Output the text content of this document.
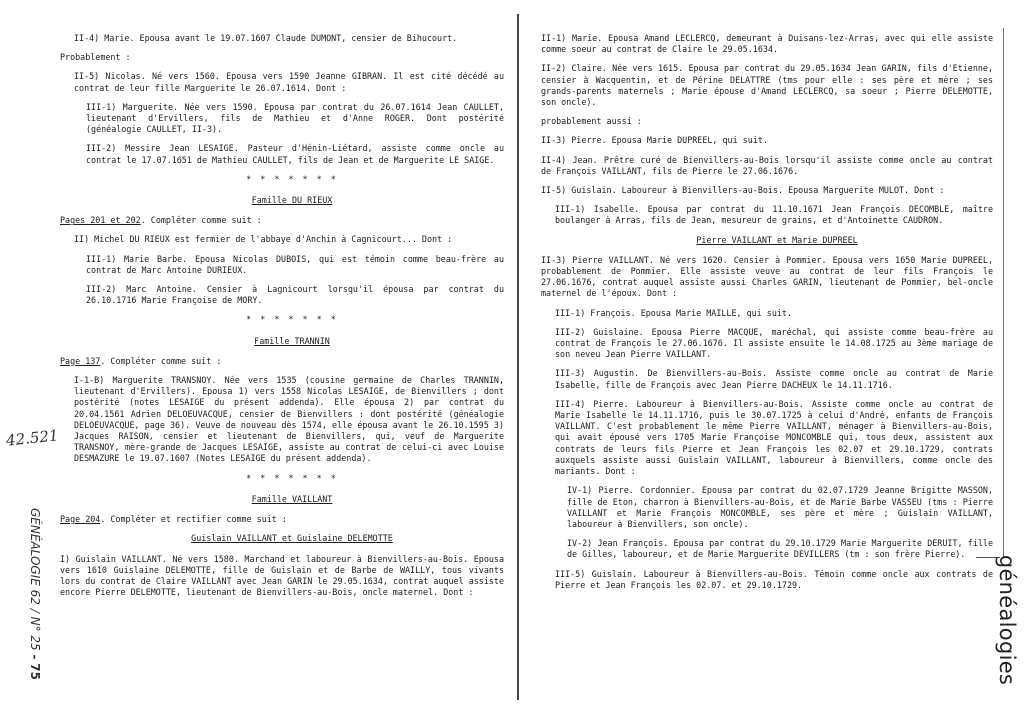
42.521
GÉNÉALOGIE 62 / N° 25 - 75
II-4) Marie. Epousa avant le 19.07.1607 Claude DUMONT, censier de Bihucourt.
Probablement :
II-5) Nicolas. Né vers 1560. Epousa vers 1590 Jeanne GIBRAN. Il est cité décédé au contrat de leur fille Marguerite le 26.07.1614. Dont :
III-1) Marguerite. Née vers 1590. Epousa par contrat du 26.07.1614 Jean CAULLET, lieutenant d'Ervillers, fils de Mathieu et d'Anne ROGER. Dont postérité (généalogie CAULLET, II-3).
III-2) Messire Jean LESAIGE. Pasteur d'Hénin-Liétard, assiste comme oncle au contrat le 17.07.1651 de Mathieu CAULLET, fils de Jean et de Marguerite LE SAIGE.
* * * * * * *
Famille DU RIEUX
Pages 201 et 202. Compléter comme suit :
II) Michel DU RIEUX est fermier de l'abbaye d'Anchin à Cagnicourt... Dont :
III-1) Marie Barbe. Epousa Nicolas DUBOIS, qui est témoin comme beau-frère au contrat de Marc Antoine DURIEUX.
III-2) Marc Antoine. Censier à Lagnicourt lorsqu'il épousa par contrat du 26.10.1716 Marie Françoise de MORY.
* * * * * * *
Famille TRANNIN
Page 137. Compléter comme suit :
I-1-B) Marguerite TRANSNOY. Née vers 1535 (cousine germaine de Charles TRANNIN, lieutenant d'Ervillers). Epousa 1) vers 1558 Nicolas LESAIGE, de Bienvillers ; dont postérité (notes LESAIGE du présent addenda). Elle épousa 2) par contrat du 20.04.1561 Adrien DELOEUVACQUE, censier de Bienvillers : dont postérité (généalogie DELOEUVACQUE, page 36). Veuve de nouveau dès 1574, elle épousa avant le 26.10.1595 3) Jacques RAISON, censier et lieutenant de Bienvillers, qui, veuf de Marguerite TRANSNOY, mère-grande de Jacques LESAIGE, assiste au contrat de celui-ci avec Louise DESMAZURE le 19.07.1607 (Notes LESAIGE du présent addenda).
* * * * * * *
Famille VAILLANT
Page 204. Compléter et rectifier comme suit :
Guislain VAILLANT et Guislaine DELEMOTTE
I) Guislain VAILLANT. Né vers 1580. Marchand et laboureur à Bienvillers-au-Bois. Epousa vers 1610 Guislaine DELEMOTTE, fille de Guislain et de Barbe de WAILLY, tous vivants lors du contrat de Claire VAILLANT avec Jean GARIN le 29.05.1634, contrat auquel assiste encore Pierre DELEMOTTE, lieutenant de Bienvillers-au-Bois, oncle maternel. Dont :
II-1) Marie. Epousa Amand LECLERCQ, demeurant à Duisans-lez-Arras, avec qui elle assiste comme soeur au contrat de Claire le 29.05.1634.
II-2) Claire. Née vers 1615. Epousa par contrat du 29.05.1634 Jean GARIN, fils d'Etienne, censier à Wacquentin, et de Périne DELATTRE (tms pour elle : ses père et mère ; ses grands-parents maternels ; Marie épouse d'Amand LECLERCQ, sa soeur ; Pierre DELEMOTTE, son oncle).
probablement aussi :
II-3) Pierre. Epousa Marie DUPREEL, qui suit.
II-4) Jean. Prêtre curé de Bienvillers-au-Bois lorsqu'il assiste comme oncle au contrat de François VAILLANT, fils de Pierre le 27.06.1676.
II-5) Guislain. Laboureur à Bienvillers-au-Bois. Epousa Marguerite MULOT. Dont :
III-1) Isabelle. Epousa par contrat du 11.10.1671 Jean François DECOMBLE, maître boulanger à Arras, fils de Jean, mesureur de grains, et d'Antoinette CAUDRON.
Pierre VAILLANT et Marie DUPREEL
II-3) Pierre VAILLANT. Né vers 1620. Censier à Pommier. Epousa vers 1650 Marie DUPREEL, probablement de Pommier. Elle assiste veuve au contrat de leur fils François le 27.06.1676, contrat auquel assiste aussi Charles GARIN, lieutenant de Pommier, bel-oncle maternel de l'époux. Dont :
III-1) François. Epousa Marie MAILLE, qui suit.
III-2) Guislaine. Epousa Pierre MACQUE, maréchal, qui assiste comme beau-frère au contrat de François le 27.06.1676. Il assiste ensuite le 14.08.1725 au 3ème mariage de son neveu Jean Pierre VAILLANT.
III-3) Augustin. De Bienvillers-au-Bois. Assiste comme oncle au contrat de Marie Isabelle, fille de François avec Jean Pierre DACHEUX le 14.11.1716.
III-4) Pierre. Laboureur à Bienvillers-au-Bois. Assiste comme oncle au contrat de Marie Isabelle le 14.11.1716, puis le 30.07.1725 à celui d'André, enfants de François VAILLANT. C'est probablement le même Pierre VAILLANT, ménager à Bienvillers-au-Bois, qui avait épousé vers 1705 Marie Françoise MONCOMBLE qui, tous deux, assistent aux contrats de leurs fils Pierre et Jean François les 02.07 et 29.10.1729, contrats auxquels assiste aussi Guislain VAILLANT, laboureur à Bienvillers, comme oncle des mariants. Dont :
IV-1) Pierre. Cordonnier. Epousa par contrat du 02.07.1729 Jeanne Brigitte MASSON, fille de Eton, charron à Bienvillers-au-Bois, et de Marie Barbe VASSEU (tms : Pierre VAILLANT et Marie François MONCOMBLE, ses père et mère ; Guislain VAILLANT, laboureur à Bienvillers, son oncle).
IV-2) Jean François. Epousa par contrat du 29.10.1729 Marie Marguerite DERUIT, fille de Gilles, laboureur, et de Marie Marguerite DEVILLERS (tm : son frère Pierre).
III-5) Guislain. Laboureur à Bienvillers-au-Bois. Témoin comme oncle aux contrats de Pierre et Jean François les 02.07. et 29.10.1729.	généalogies
